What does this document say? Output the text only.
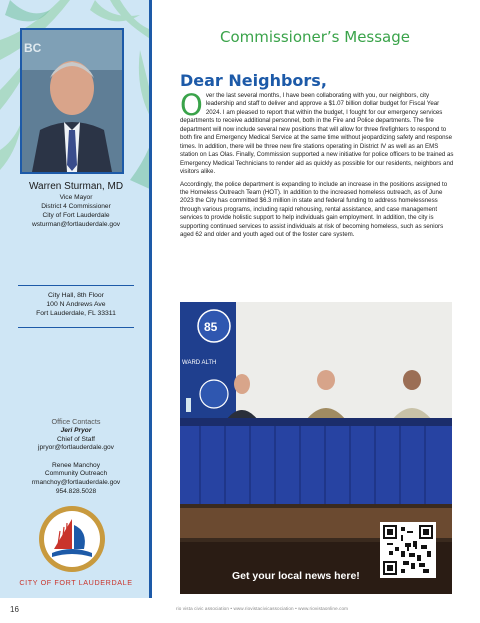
BC
Warren Sturman, MD
Vice Mayor
District 4 Commissioner
City of Fort Lauderdale
wsturman@fortlauderdale.gov
City Hall, 8th Floor
100 N Andrews Ave
Fort Lauderdale, FL 33311
Office Contacts
Jeri Pryor
Chief of Staff
jpryor@fortlauderdale.gov
Renee Manchoy
Community Outreach
rmanchoy@fortlauderdale.gov
954.828.5028
CITY OF FORT LAUDERDALE
Commissioner’s Message
Dear Neighbors,

Over the last several months, I have been collaborating with you, our neighbors, city leadership and staff to deliver and approve a $1.07 billion dollar budget for Fiscal Year 2024. I am pleased to report that within the budget, I fought for our emergency services departments to receive additional personnel, both in the Fire and Police departments. The fire department will now include several new positions that will allow for three firefighters to respond to both fire and Emergency Medical Service at the same time without jeopardizing safety and response times. In addition, there will be three new fire stations operating in District IV as well as an EMS station on Las Olas. Finally, Commission supported a new initiative for police officers to be trained as Emergency Medical Technicians to render aid as quickly as possible for our residents, neighbors and visitors alike.

Accordingly, the police department is expanding to include an increase in the positions assigned to the Homeless Outreach Team (HOT). In addition to the increased homeless outreach, as of June 2023 the City has committed $6.3 million in state and federal funding to address homelessness through various programs, including rapid rehousing, rental assistance, and case management services to provide holistic support to help individuals gain employment. In addition, the city is supporting continued services to assist individuals at risk of becoming homeless, such as seniors aged 62 and older and youth aged out of the foster care system.

85
WARD ALTH
Get your local news here!
16	rio vista civic association • www.riovistacivicassociation • www.riovistaonline.com
